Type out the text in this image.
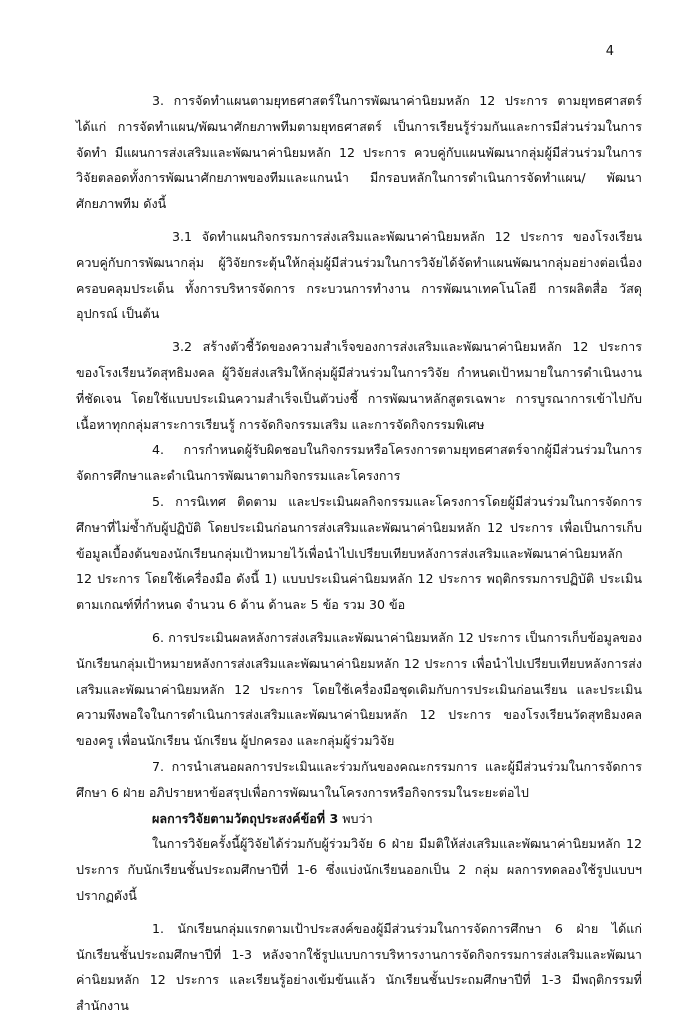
4

3. การจัดทำแผนตามยุทธศาสตร์ในการพัฒนาค่านิยมหลัก 12 ประการ ตามยุทธศาสตร์ได้แก่ การจัดทำแผน/พัฒนาศักยภาพทีมตามยุทธศาสตร์ เป็นการเรียนรู้ร่วมกันและการมีส่วนร่วมในการจัดทำ มีแผนการส่งเสริมและพัฒนาค่านิยมหลัก 12 ประการ ควบคู่กับแผนพัฒนากลุ่มผู้มีส่วนร่วมในการวิจัยตลอดทั้งการพัฒนาศักยภาพของทีมและแกนนำ มีกรอบหลักในการดำเนินการจัดทำแผน/ พัฒนาศักยภาพทีม ดังนี้

3.1 จัดทำแผนกิจกรรมการส่งเสริมและพัฒนาค่านิยมหลัก 12 ประการ ของโรงเรียนควบคู่กับการพัฒนากลุ่ม ผู้วิจัยกระตุ้นให้กลุ่มผู้มีส่วนร่วมในการวิจัยได้จัดทำแผนพัฒนากลุ่มอย่างต่อเนื่องครอบคลุมประเด็น ทั้งการบริหารจัดการ กระบวนการทำงาน การพัฒนาเทคโนโลยี การผลิตสื่อ วัสดุ อุปกรณ์ เป็นต้น

3.2 สร้างตัวชี้วัดของความสำเร็จของการส่งเสริมและพัฒนาค่านิยมหลัก 12 ประการ ของโรงเรียนวัดสุทธิมงคล ผู้วิจัยส่งเสริมให้กลุ่มผู้มีส่วนร่วมในการวิจัย กำหนดเป้าหมายในการดำเนินงานที่ชัดเจน โดยใช้แบบประเมินความสำเร็จเป็นตัวบ่งชี้ การพัฒนาหลักสูตรเฉพาะ การบูรณาการเข้าไปกับเนื้อหาทุกกลุ่มสาระการเรียนรู้ การจัดกิจกรรมเสริม และการจัดกิจกรรมพิเศษ

4. การกำหนดผู้รับผิดชอบในกิจกรรมหรือโครงการตามยุทธศาสตร์จากผู้มีส่วนร่วมในการจัดการศึกษาและดำเนินการพัฒนาตามกิจกรรมและโครงการ

5. การนิเทศ ติดตาม และประเมินผลกิจกรรมและโครงการโดยผู้มีส่วนร่วมในการจัดการศึกษาที่ไม่ซ้ำกับผู้ปฏิบัติ โดยประเมินก่อนการส่งเสริมและพัฒนาค่านิยมหลัก 12 ประการ เพื่อเป็นการเก็บข้อมูลเบื้องต้นของนักเรียนกลุ่มเป้าหมายไว้เพื่อนำไปเปรียบเทียบหลังการส่งเสริมและพัฒนาค่านิยมหลัก 12 ประการ โดยใช้เครื่องมือ ดังนี้ 1) แบบประเมินค่านิยมหลัก 12 ประการ พฤติกรรมการปฏิบัติ ประเมินตามเกณฑ์ที่กำหนด จำนวน 6 ด้าน ด้านละ 5 ข้อ รวม 30 ข้อ

6. การประเมินผลหลังการส่งเสริมและพัฒนาค่านิยมหลัก 12 ประการ เป็นการเก็บข้อมูลของนักเรียนกลุ่มเป้าหมายหลังการส่งเสริมและพัฒนาค่านิยมหลัก 12 ประการ เพื่อนำไปเปรียบเทียบหลังการส่งเสริมและพัฒนาค่านิยมหลัก 12 ประการ โดยใช้เครื่องมือชุดเดิมกับการประเมินก่อนเรียน และประเมินความพึงพอใจในการดำเนินการส่งเสริมและพัฒนาค่านิยมหลัก 12 ประการ ของโรงเรียนวัดสุทธิมงคล ของครู เพื่อนนักเรียน นักเรียน ผู้ปกครอง และกลุ่มผู้ร่วมวิจัย

7. การนำเสนอผลการประเมินและร่วมกันของคณะกรรมการ และผู้มีส่วนร่วมในการจัดการศึกษา 6 ฝ่าย อภิปรายหาข้อสรุปเพื่อการพัฒนาในโครงการหรือกิจกรรมในระยะต่อไป

ผลการวิจัยตามวัตถุประสงค์ข้อที่ 3 พบว่า

ในการวิจัยครั้งนี้ผู้วิจัยได้ร่วมกับผู้ร่วมวิจัย 6 ฝ่าย มีมติให้ส่งเสริมและพัฒนาค่านิยมหลัก 12 ประการ กับนักเรียนชั้นประถมศึกษาปีที่ 1-6 ซึ่งแบ่งนักเรียนออกเป็น 2 กลุ่ม ผลการทดลองใช้รูปแบบฯ ปรากฏดังนี้

1. นักเรียนกลุ่มแรกตามเป้าประสงค์ของผู้มีส่วนร่วมในการจัดการศึกษา 6 ฝ่าย ได้แก่ นักเรียนชั้นประถมศึกษาปีที่ 1-3 หลังจากใช้รูปแบบการบริหารงานการจัดกิจกรรมการส่งเสริมและพัฒนาค่านิยมหลัก 12 ประการ และเรียนรู้อย่างเข้มข้นแล้ว นักเรียนชั้นประถมศึกษาปีที่ 1-3 มีพฤติกรรมที่สำนักงาน
